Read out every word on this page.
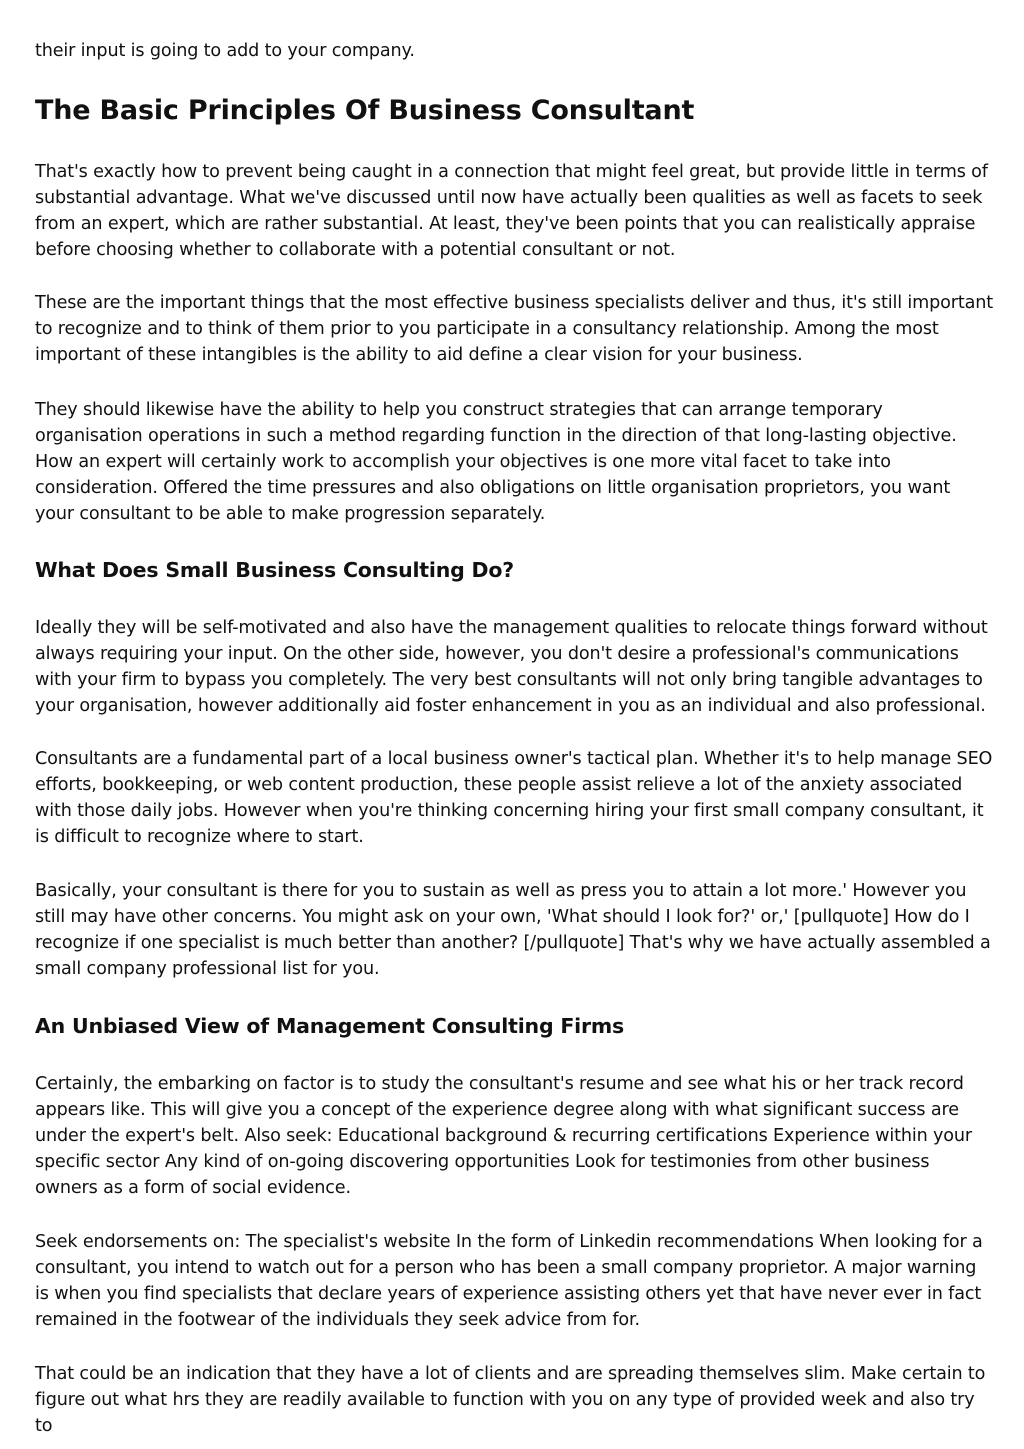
their input is going to add to your company.

The Basic Principles Of Business Consultant

That's exactly how to prevent being caught in a connection that might feel great, but provide little in terms of substantial advantage. What we've discussed until now have actually been qualities as well as facets to seek from an expert, which are rather substantial. At least, they've been points that you can realistically appraise before choosing whether to collaborate with a potential consultant or not.

These are the important things that the most effective business specialists deliver and thus, it's still important to recognize and to think of them prior to you participate in a consultancy relationship. Among the most important of these intangibles is the ability to aid define a clear vision for your business.

They should likewise have the ability to help you construct strategies that can arrange temporary organisation operations in such a method regarding function in the direction of that long-lasting objective. How an expert will certainly work to accomplish your objectives is one more vital facet to take into consideration. Offered the time pressures and also obligations on little organisation proprietors, you want your consultant to be able to make progression separately.

What Does Small Business Consulting Do?

Ideally they will be self-motivated and also have the management qualities to relocate things forward without always requiring your input. On the other side, however, you don't desire a professional's communications with your firm to bypass you completely. The very best consultants will not only bring tangible advantages to your organisation, however additionally aid foster enhancement in you as an individual and also professional.

Consultants are a fundamental part of a local business owner's tactical plan. Whether it's to help manage SEO efforts, bookkeeping, or web content production, these people assist relieve a lot of the anxiety associated with those daily jobs. However when you're thinking concerning hiring your first small company consultant, it is difficult to recognize where to start.

Basically, your consultant is there for you to sustain as well as press you to attain a lot more.' However you still may have other concerns. You might ask on your own, 'What should I look for?' or,' [pullquote] How do I recognize if one specialist is much better than another? [/pullquote] That's why we have actually assembled a small company professional list for you.

An Unbiased View of Management Consulting Firms

Certainly, the embarking on factor is to study the consultant's resume and see what his or her track record appears like. This will give you a concept of the experience degree along with what significant success are under the expert's belt. Also seek: Educational background & recurring certifications Experience within your specific sector Any kind of on-going discovering opportunities Look for testimonies from other business owners as a form of social evidence.

Seek endorsements on: The specialist's website In the form of Linkedin recommendations When looking for a consultant, you intend to watch out for a person who has been a small company proprietor. A major warning is when you find specialists that declare years of experience assisting others yet that have never ever in fact remained in the footwear of the individuals they seek advice from for.

That could be an indication that they have a lot of clients and are spreading themselves slim. Make certain to figure out what hrs they are readily available to function with you on any type of provided week and also try to
